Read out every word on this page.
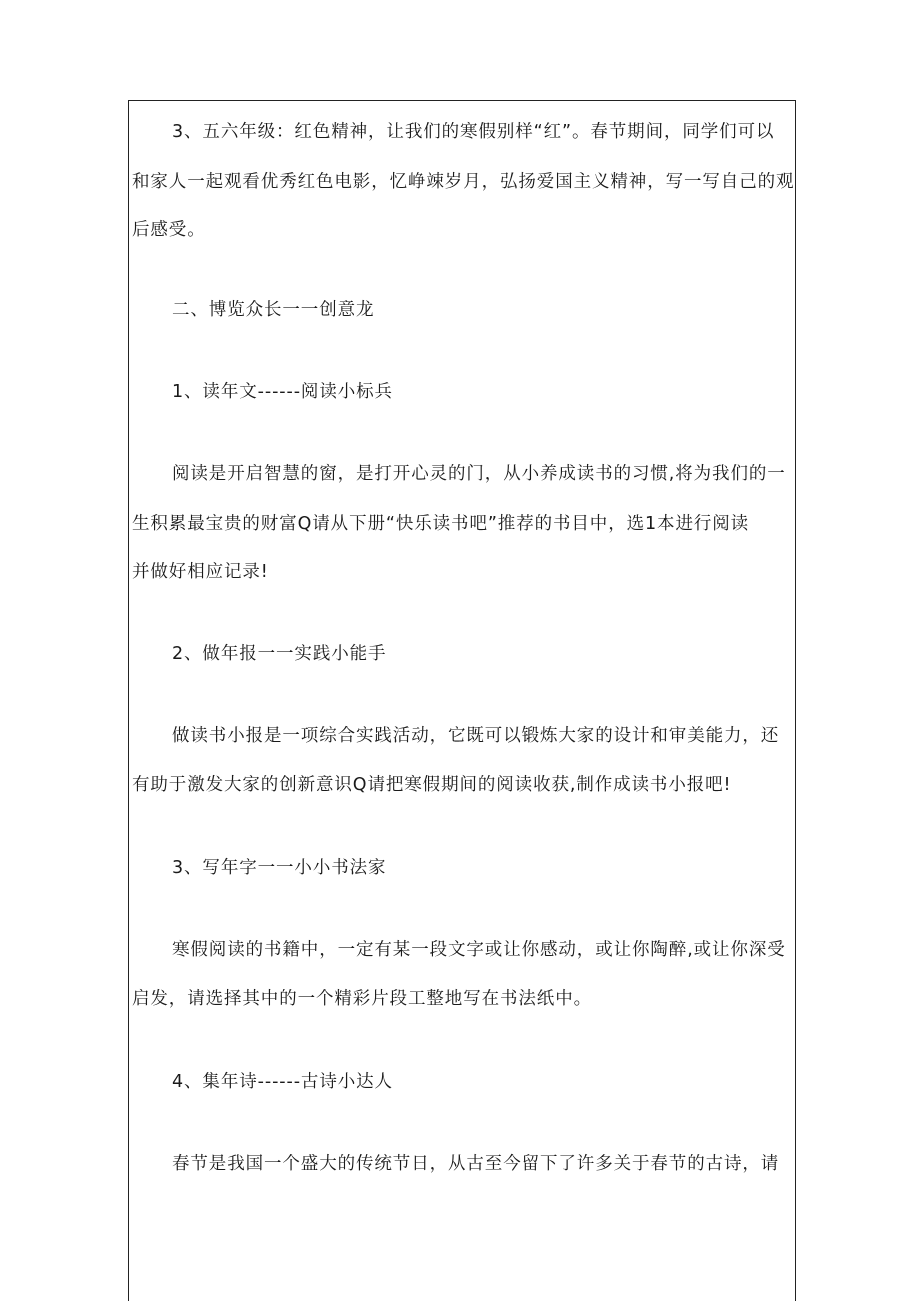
3、五六年级：红色精神，让我们的寒假别样“红”。春节期间，同学们可以
和家人一起观看优秀红色电影，忆峥竦岁月，弘扬爱国主义精神，写一写自己的观
后感受。
二、博览众长一一创意龙
1、读年文------阅读小标兵
阅读是开启智慧的窗，是打开心灵的门，从小养成读书的习惯,将为我们的一
生积累最宝贵的财富Q请从下册“快乐读书吧”推荐的书目中，选1本进行阅读
并做好相应记录!
2、做年报一一实践小能手
做读书小报是一项综合实践活动，它既可以锻炼大家的设计和审美能力，还
有助于激发大家的创新意识Q请把寒假期间的阅读收获,制作成读书小报吧!
3、写年字一一小小书法家
寒假阅读的书籍中，一定有某一段文字或让你感动，或让你陶醉,或让你深受
启发，请选择其中的一个精彩片段工整地写在书法纸中。
4、集年诗------古诗小达人
春节是我国一个盛大的传统节日，从古至今留下了许多关于春节的古诗，请
